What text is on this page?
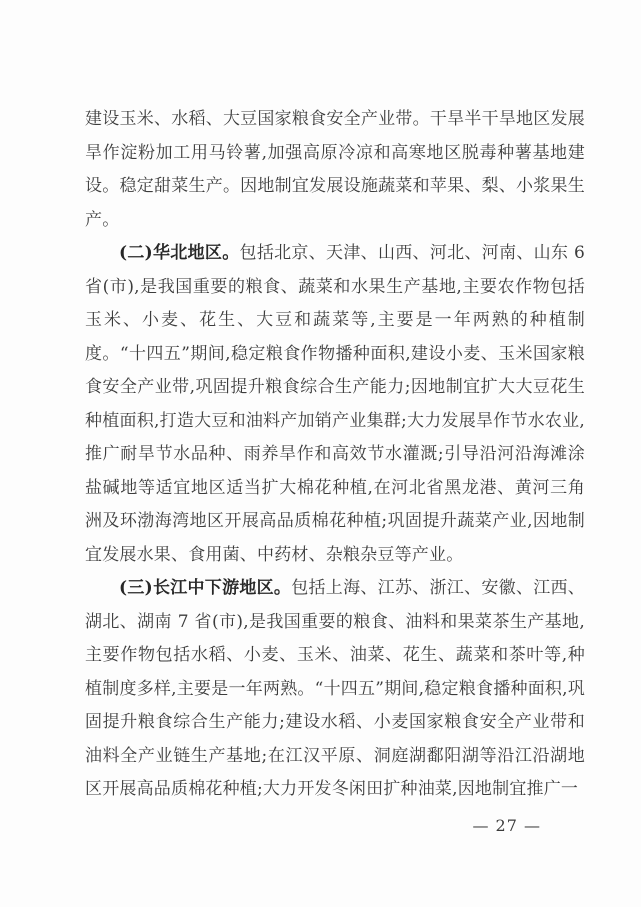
建设玉米、水稻、大豆国家粮食安全产业带。干旱半干旱地区发展旱作淀粉加工用马铃薯,加强高原冷凉和高寒地区脱毒种薯基地建设。稳定甜菜生产。因地制宜发展设施蔬菜和苹果、梨、小浆果生产。

(二)华北地区。包括北京、天津、山西、河北、河南、山东 6 省(市),是我国重要的粮食、蔬菜和水果生产基地,主要农作物包括玉米、小麦、花生、大豆和蔬菜等,主要是一年两熟的种植制度。“十四五”期间,稳定粮食作物播种面积,建设小麦、玉米国家粮食安全产业带,巩固提升粮食综合生产能力;因地制宜扩大大豆花生种植面积,打造大豆和油料产加销产业集群;大力发展旱作节水农业,推广耐旱节水品种、雨养旱作和高效节水灌溉;引导沿河沿海滩涂盐碱地等适宜地区适当扩大棉花种植,在河北省黑龙港、黄河三角洲及环渤海湾地区开展高品质棉花种植;巩固提升蔬菜产业,因地制宜发展水果、食用菌、中药材、杂粮杂豆等产业。

(三)长江中下游地区。包括上海、江苏、浙江、安徽、江西、湖北、湖南 7 省(市),是我国重要的粮食、油料和果菜茶生产基地,主要作物包括水稻、小麦、玉米、油菜、花生、蔬菜和茶叶等,种植制度多样,主要是一年两熟。“十四五”期间,稳定粮食播种面积,巩固提升粮食综合生产能力;建设水稻、小麦国家粮食安全产业带和油料全产业链生产基地;在江汉平原、洞庭湖鄱阳湖等沿江沿湖地区开展高品质棉花种植;大力开发冬闲田扩种油菜,因地制宜推广一

— 27 —
